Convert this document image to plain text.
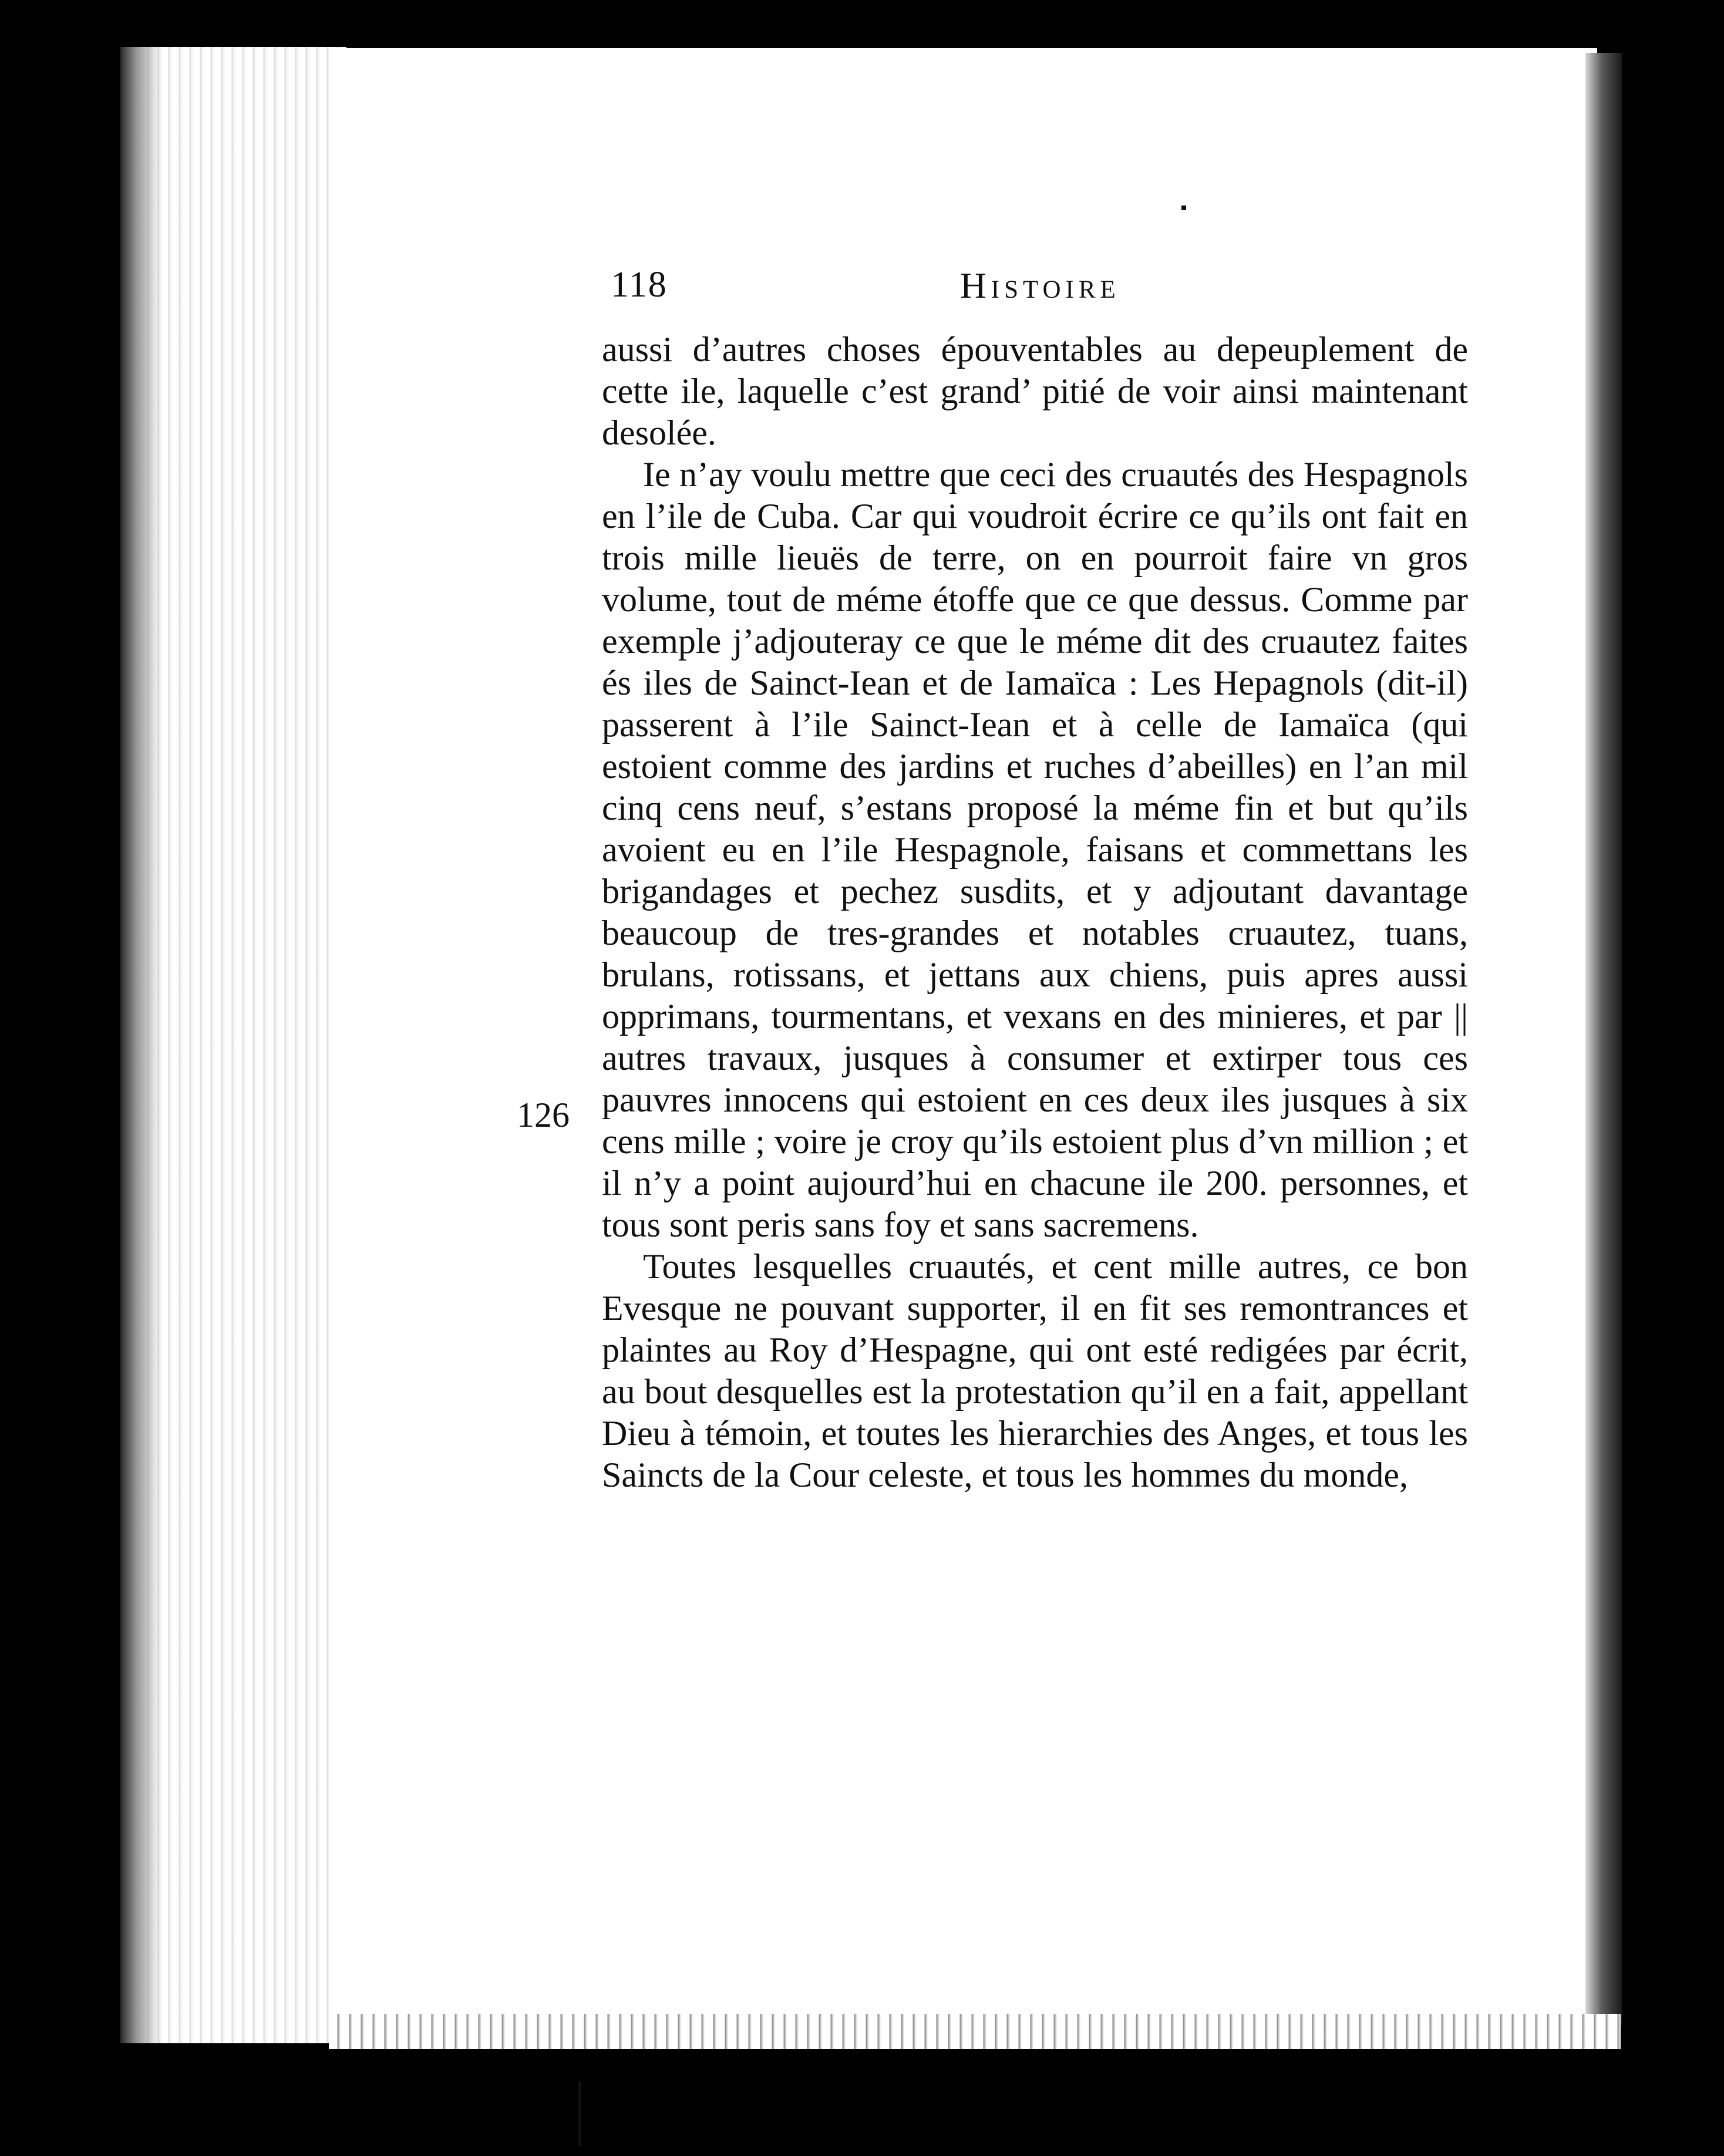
118	Histoire

aussi d’autres choses épouventables au depeuplement de cette ile, laquelle c’est grand’ pitié de voir ainsi maintenant desolée.

Ie n’ay voulu mettre que ceci des cruautés des Hespagnols en l’ile de Cuba. Car qui voudroit écrire ce qu’ils ont fait en trois mille lieuës de terre, on en pourroit faire vn gros volume, tout de méme étoffe que ce que dessus. Comme par exemple j’adjouteray ce que le méme dit des cruautez faites és iles de Sainct-Iean et de Iamaïca : Les Hepagnols (dit-il) passerent à l’ile Sainct-Iean et à celle de Iamaïca (qui estoient comme des jardins et ruches d’abeilles) en l’an mil cinq cens neuf, s’estans proposé la méme fin et but qu’ils avoient eu en l’ile Hespagnole, faisans et commettans les brigandages et pechez susdits, et y adjoutant davantage beaucoup de tres-grandes et notables cruautez, tuans, brulans, rotissans, et jettans aux chiens, puis apres aussi opprimans, tourmentans, et vexans en des minieres, et par || autres travaux, jusques à consumer et extirper tous ces pauvres innocens qui estoient en ces deux iles jusques à six cens mille ; voire je croy qu’ils estoient plus d’vn million ; et il n’y a point aujourd’hui en chacune ile 200. personnes, et tous sont peris sans foy et sans sacremens.

Toutes lesquelles cruautés, et cent mille autres, ce bon Evesque ne pouvant supporter, il en fit ses remontrances et plaintes au Roy d’Hespagne, qui ont esté redigées par écrit, au bout desquelles est la protestation qu’il en a fait, appellant Dieu à témoin, et toutes les hierarchies des Anges, et tous les Saincts de la Cour celeste, et tous les hommes du monde,

126
